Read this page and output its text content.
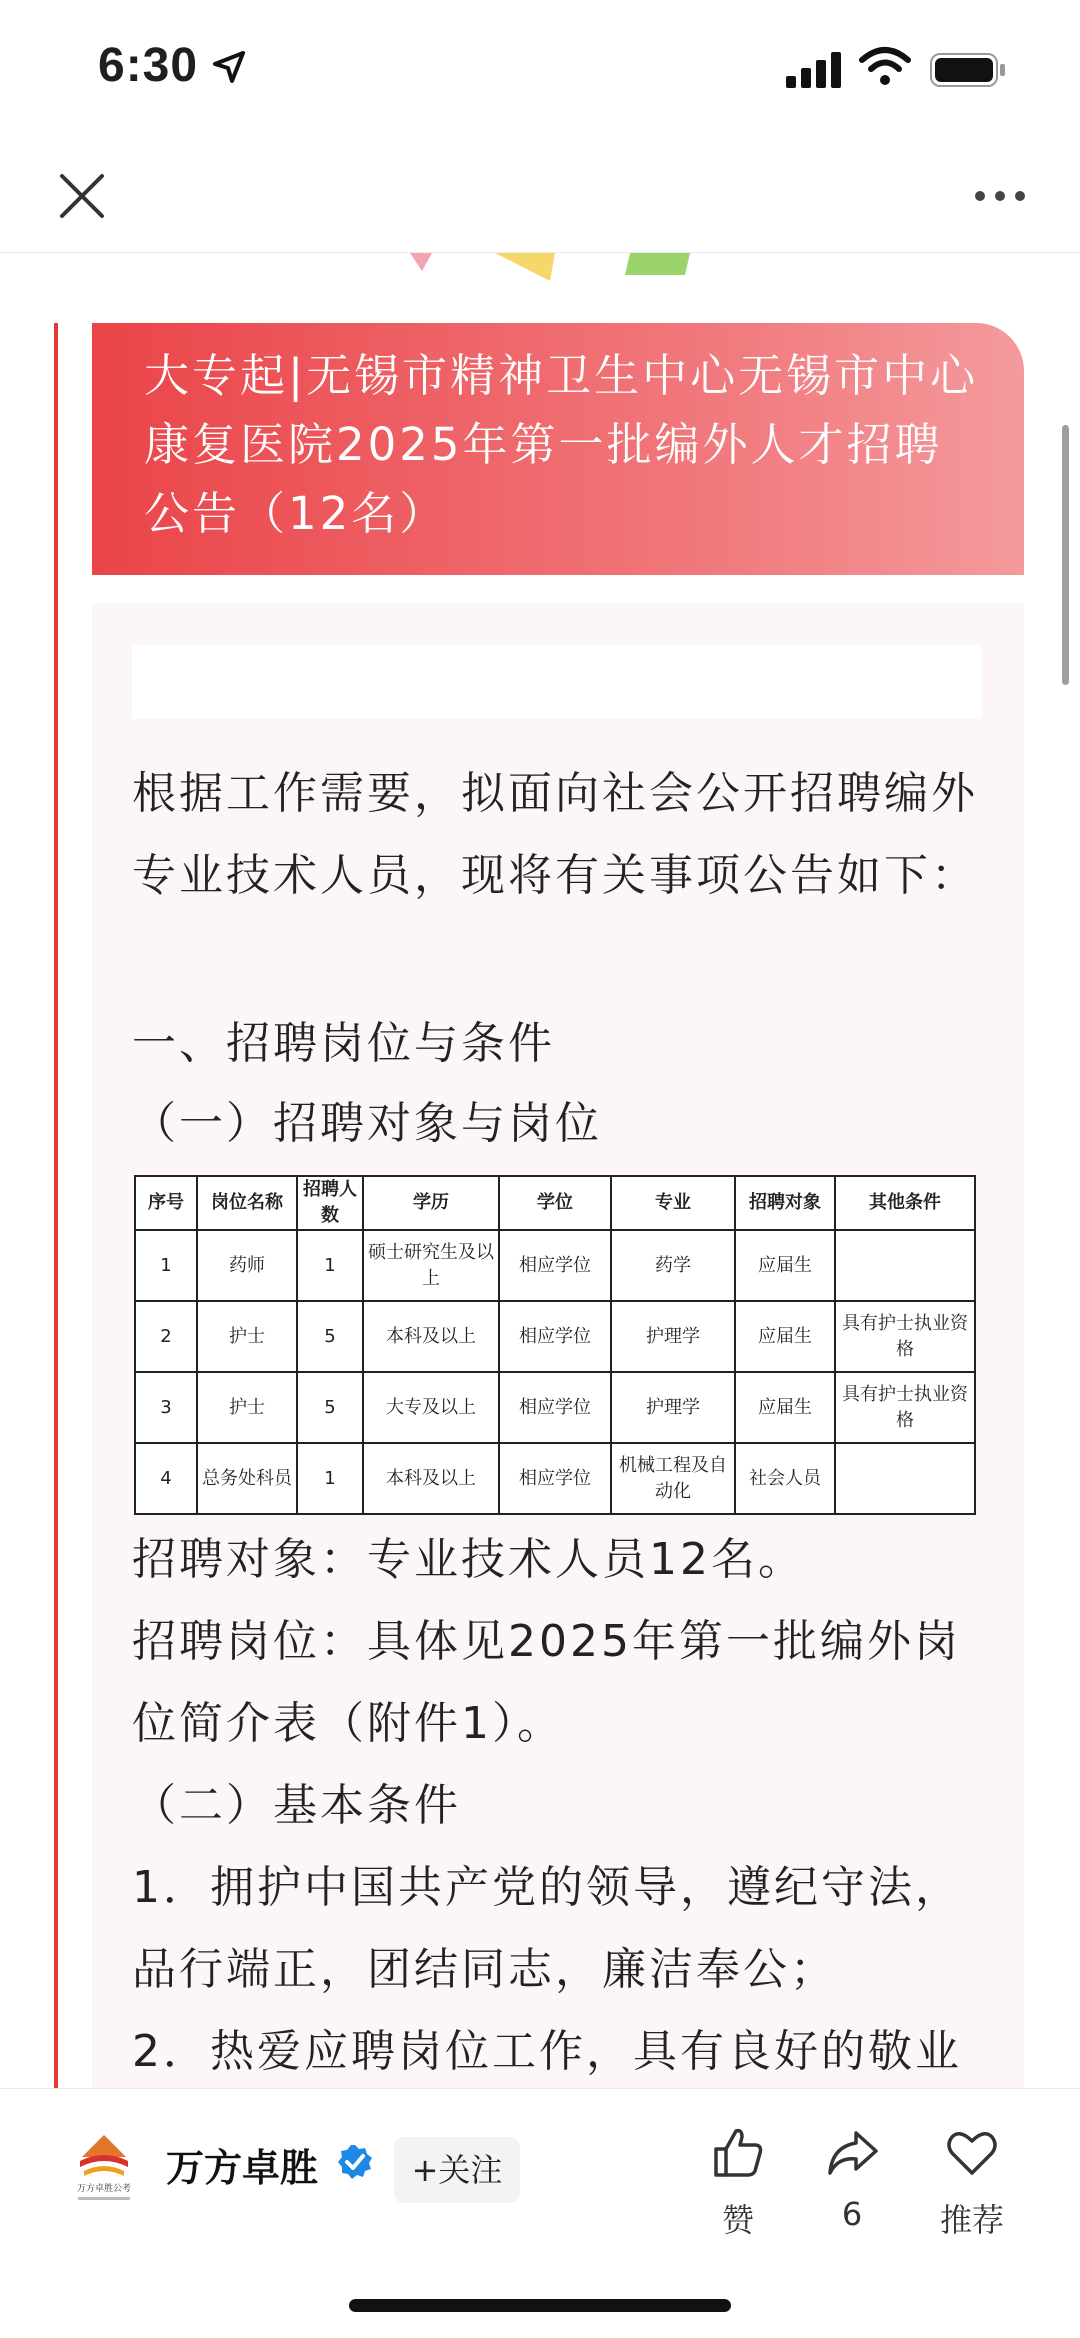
6:30
大专起|无锡市精神卫生中心无锡市中心康复医院2025年第一批编外人才招聘公告（12名）
根据工作需要，拟面向社会公开招聘编外专业技术人员，现将有关事项公告如下：
一、招聘岗位与条件
（一）招聘对象与岗位
序号	岗位名称	招聘人数	学历	学位	专业	招聘对象	其他条件
1	药师	1	硕士研究生及以上	相应学位	药学	应届生	
2	护士	5	本科及以上	相应学位	护理学	应届生	具有护士执业资格
3	护士	5	大专及以上	相应学位	护理学	应届生	具有护士执业资格
4	总务处科员	1	本科及以上	相应学位	机械工程及自动化	社会人员	
招聘对象：专业技术人员12名。
招聘岗位：具体见2025年第一批编外岗位简介表（附件1）。
（二）基本条件
1．拥护中国共产党的领导，遵纪守法，品行端正，团结同志，廉洁奉公；
2．热爱应聘岗位工作，具有良好的敬业
万方卓胜公考 万方卓胜	+关注
赞	6	推荐
